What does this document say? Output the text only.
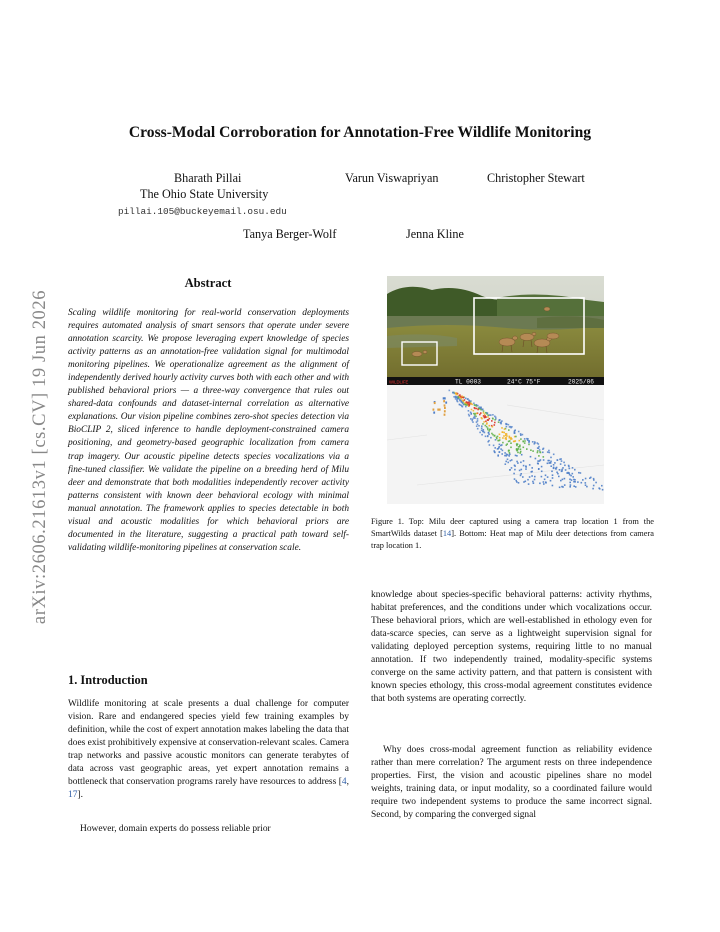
arXiv:2606.21613v1 [cs.CV] 19 Jun 2026
Cross-Modal Corroboration for Annotation-Free Wildlife Monitoring
Bharath Pillai
The Ohio State University
pillai.105@buckeyemail.osu.edu
Varun Viswapriyan	Christopher Stewart
Tanya Berger-Wolf	Jenna Kline
Abstract
Scaling wildlife monitoring for real-world conservation deployments requires automated analysis of smart sensors that operate under severe annotation scarcity. We propose leveraging expert knowledge of species activity patterns as an annotation-free validation signal for multimodal monitoring pipelines. We operationalize agreement as the alignment of independently derived hourly activity curves both with each other and with published behavioral priors — a three-way convergence that rules out shared-data confounds and dataset-internal correlation as alternative explanations. Our vision pipeline combines zero-shot species detection via BioCLIP 2, sliced inference to handle deployment-constrained camera positioning, and geometry-based geographic localization from camera trap imagery. Our acoustic pipeline detects species vocalizations via a fine-tuned classifier. We validate the pipeline on a breeding herd of Milu deer and demonstrate that both modalities independently recover activity patterns consistent with known deer behavioral ecology with minimal manual annotation. The framework applies to species detectable in both visual and acoustic modalities for which behavioral priors are documented in the literature, suggesting a practical path toward self-validating wildlife-monitoring pipelines at conservation scale.
1. Introduction
Wildlife monitoring at scale presents a dual challenge for computer vision. Rare and endangered species yield few training examples by definition, while the cost of expert annotation makes labeling the data that does exist prohibitively expensive at conservation-relevant scales. Camera trap networks and passive acoustic monitors can generate terabytes of data across vast geographic areas, yet expert annotation remains a bottleneck that conservation programs rarely have resources to address [4, 17].
However, domain experts do possess reliable prior
WILDLIFE	TL 0003	24°C 75°F	2025/06
Figure 1. Top: Milu deer captured using a camera trap location 1 from the SmartWilds dataset [14]. Bottom: Heat map of Milu deer detections from camera trap location 1.
knowledge about species-specific behavioral patterns: activity rhythms, habitat preferences, and the conditions under which vocalizations occur. These behavioral priors, which are well-established in ethology even for data-scarce species, can serve as a lightweight supervision signal for validating deployed perception systems, requiring little to no manual annotation. If two independently trained, modality-specific systems converge on the same activity pattern, and that pattern is consistent with known species ethology, this cross-modal agreement constitutes evidence that both systems are operating correctly.
Why does cross-modal agreement function as reliability evidence rather than mere correlation? The argument rests on three independence properties. First, the vision and acoustic pipelines share no model weights, training data, or input modality, so a coordinated failure would require two independent systems to produce the same incorrect signal. Second, by comparing the converged signal
